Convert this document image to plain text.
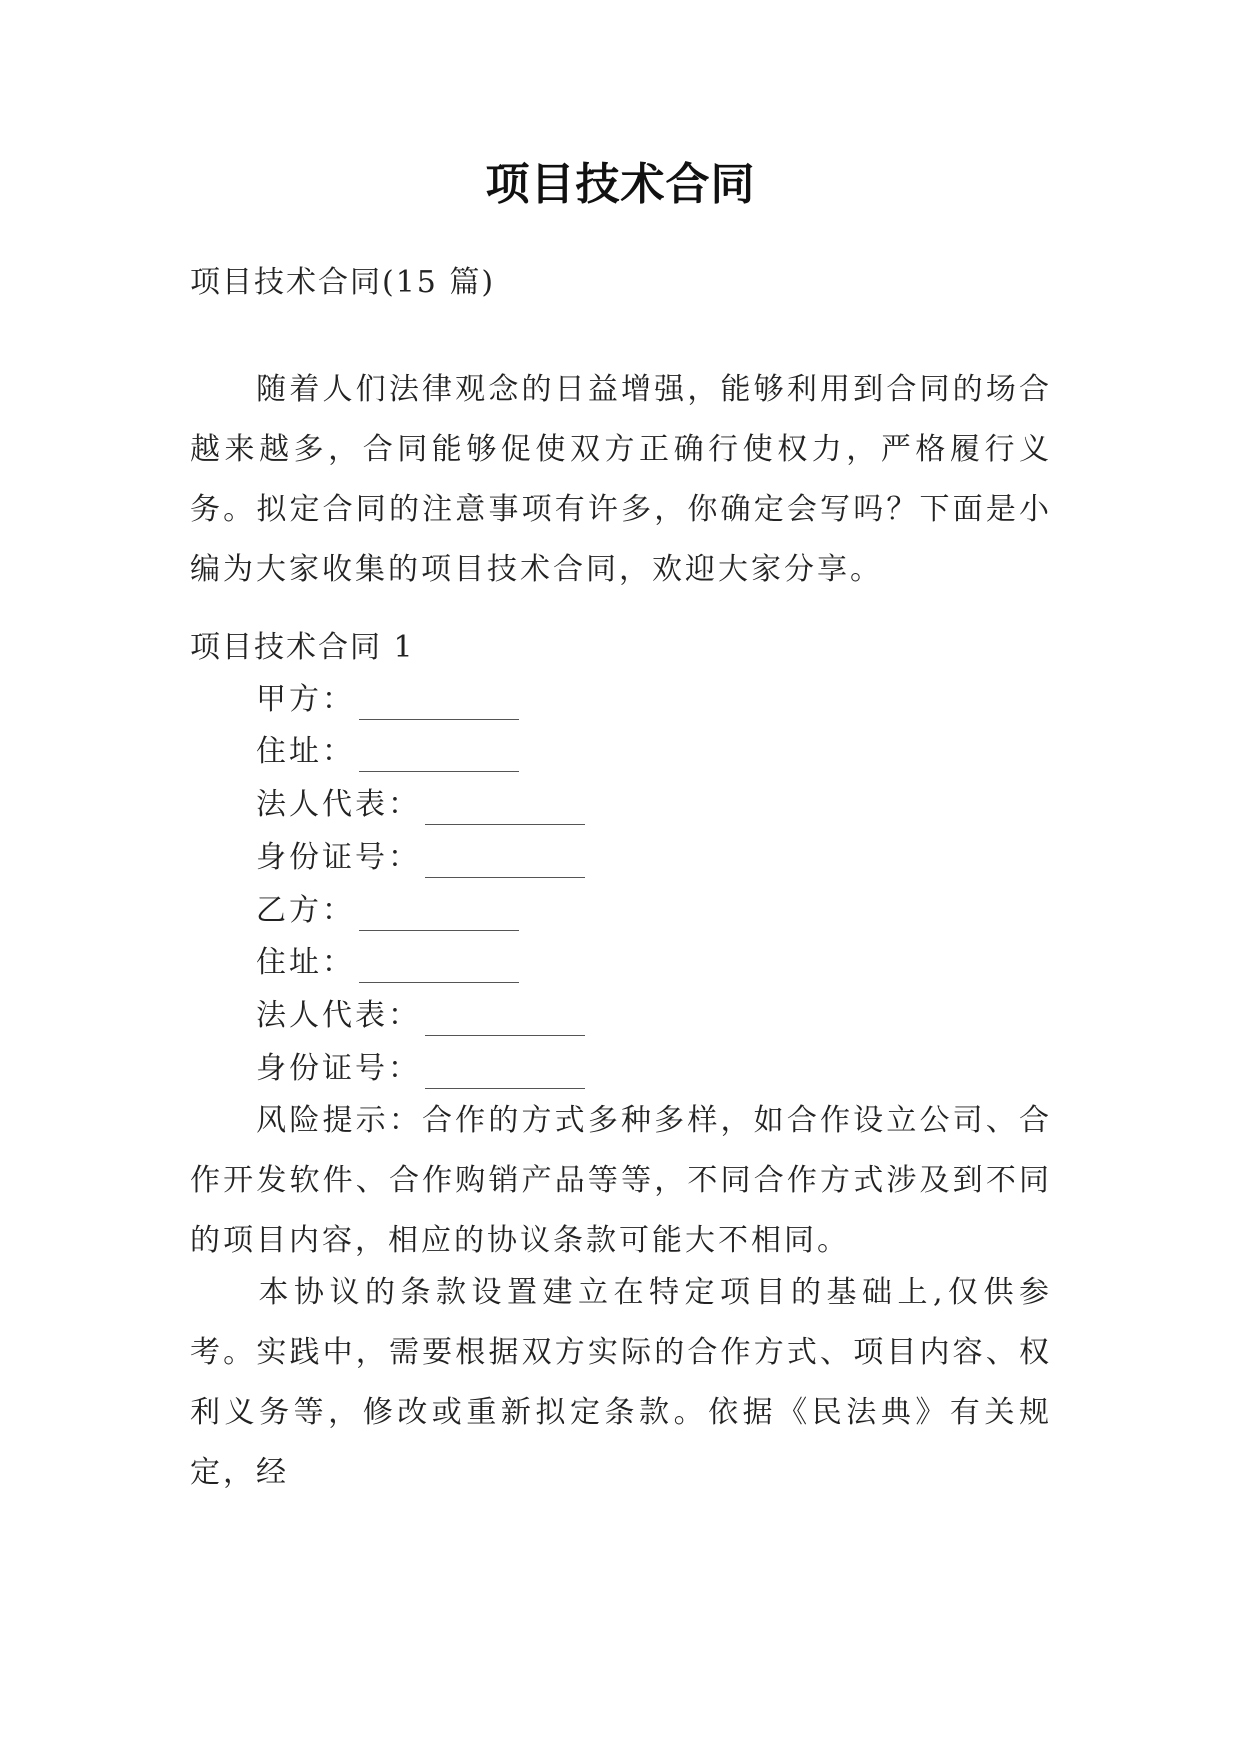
项目技术合同
项目技术合同(15 篇)
随着人们法律观念的日益增强，能够利用到合同的场合越来越多，合同能够促使双方正确行使权力，严格履行义务。拟定合同的注意事项有许多，你确定会写吗？下面是小编为大家收集的项目技术合同，欢迎大家分享。
项目技术合同 1
甲方：
住址：
法人代表：
身份证号：
乙方：
住址：
法人代表：
身份证号：
风险提示：合作的方式多种多样，如合作设立公司、合作开发软件、合作购销产品等等，不同合作方式涉及到不同的项目内容，相应的协议条款可能大不相同。
本协议的条款设置建立在特定项目的基础上,仅供参考。实践中，需要根据双方实际的合作方式、项目内容、权利义务等，修改或重新拟定条款。依据《民法典》有关规定，经
